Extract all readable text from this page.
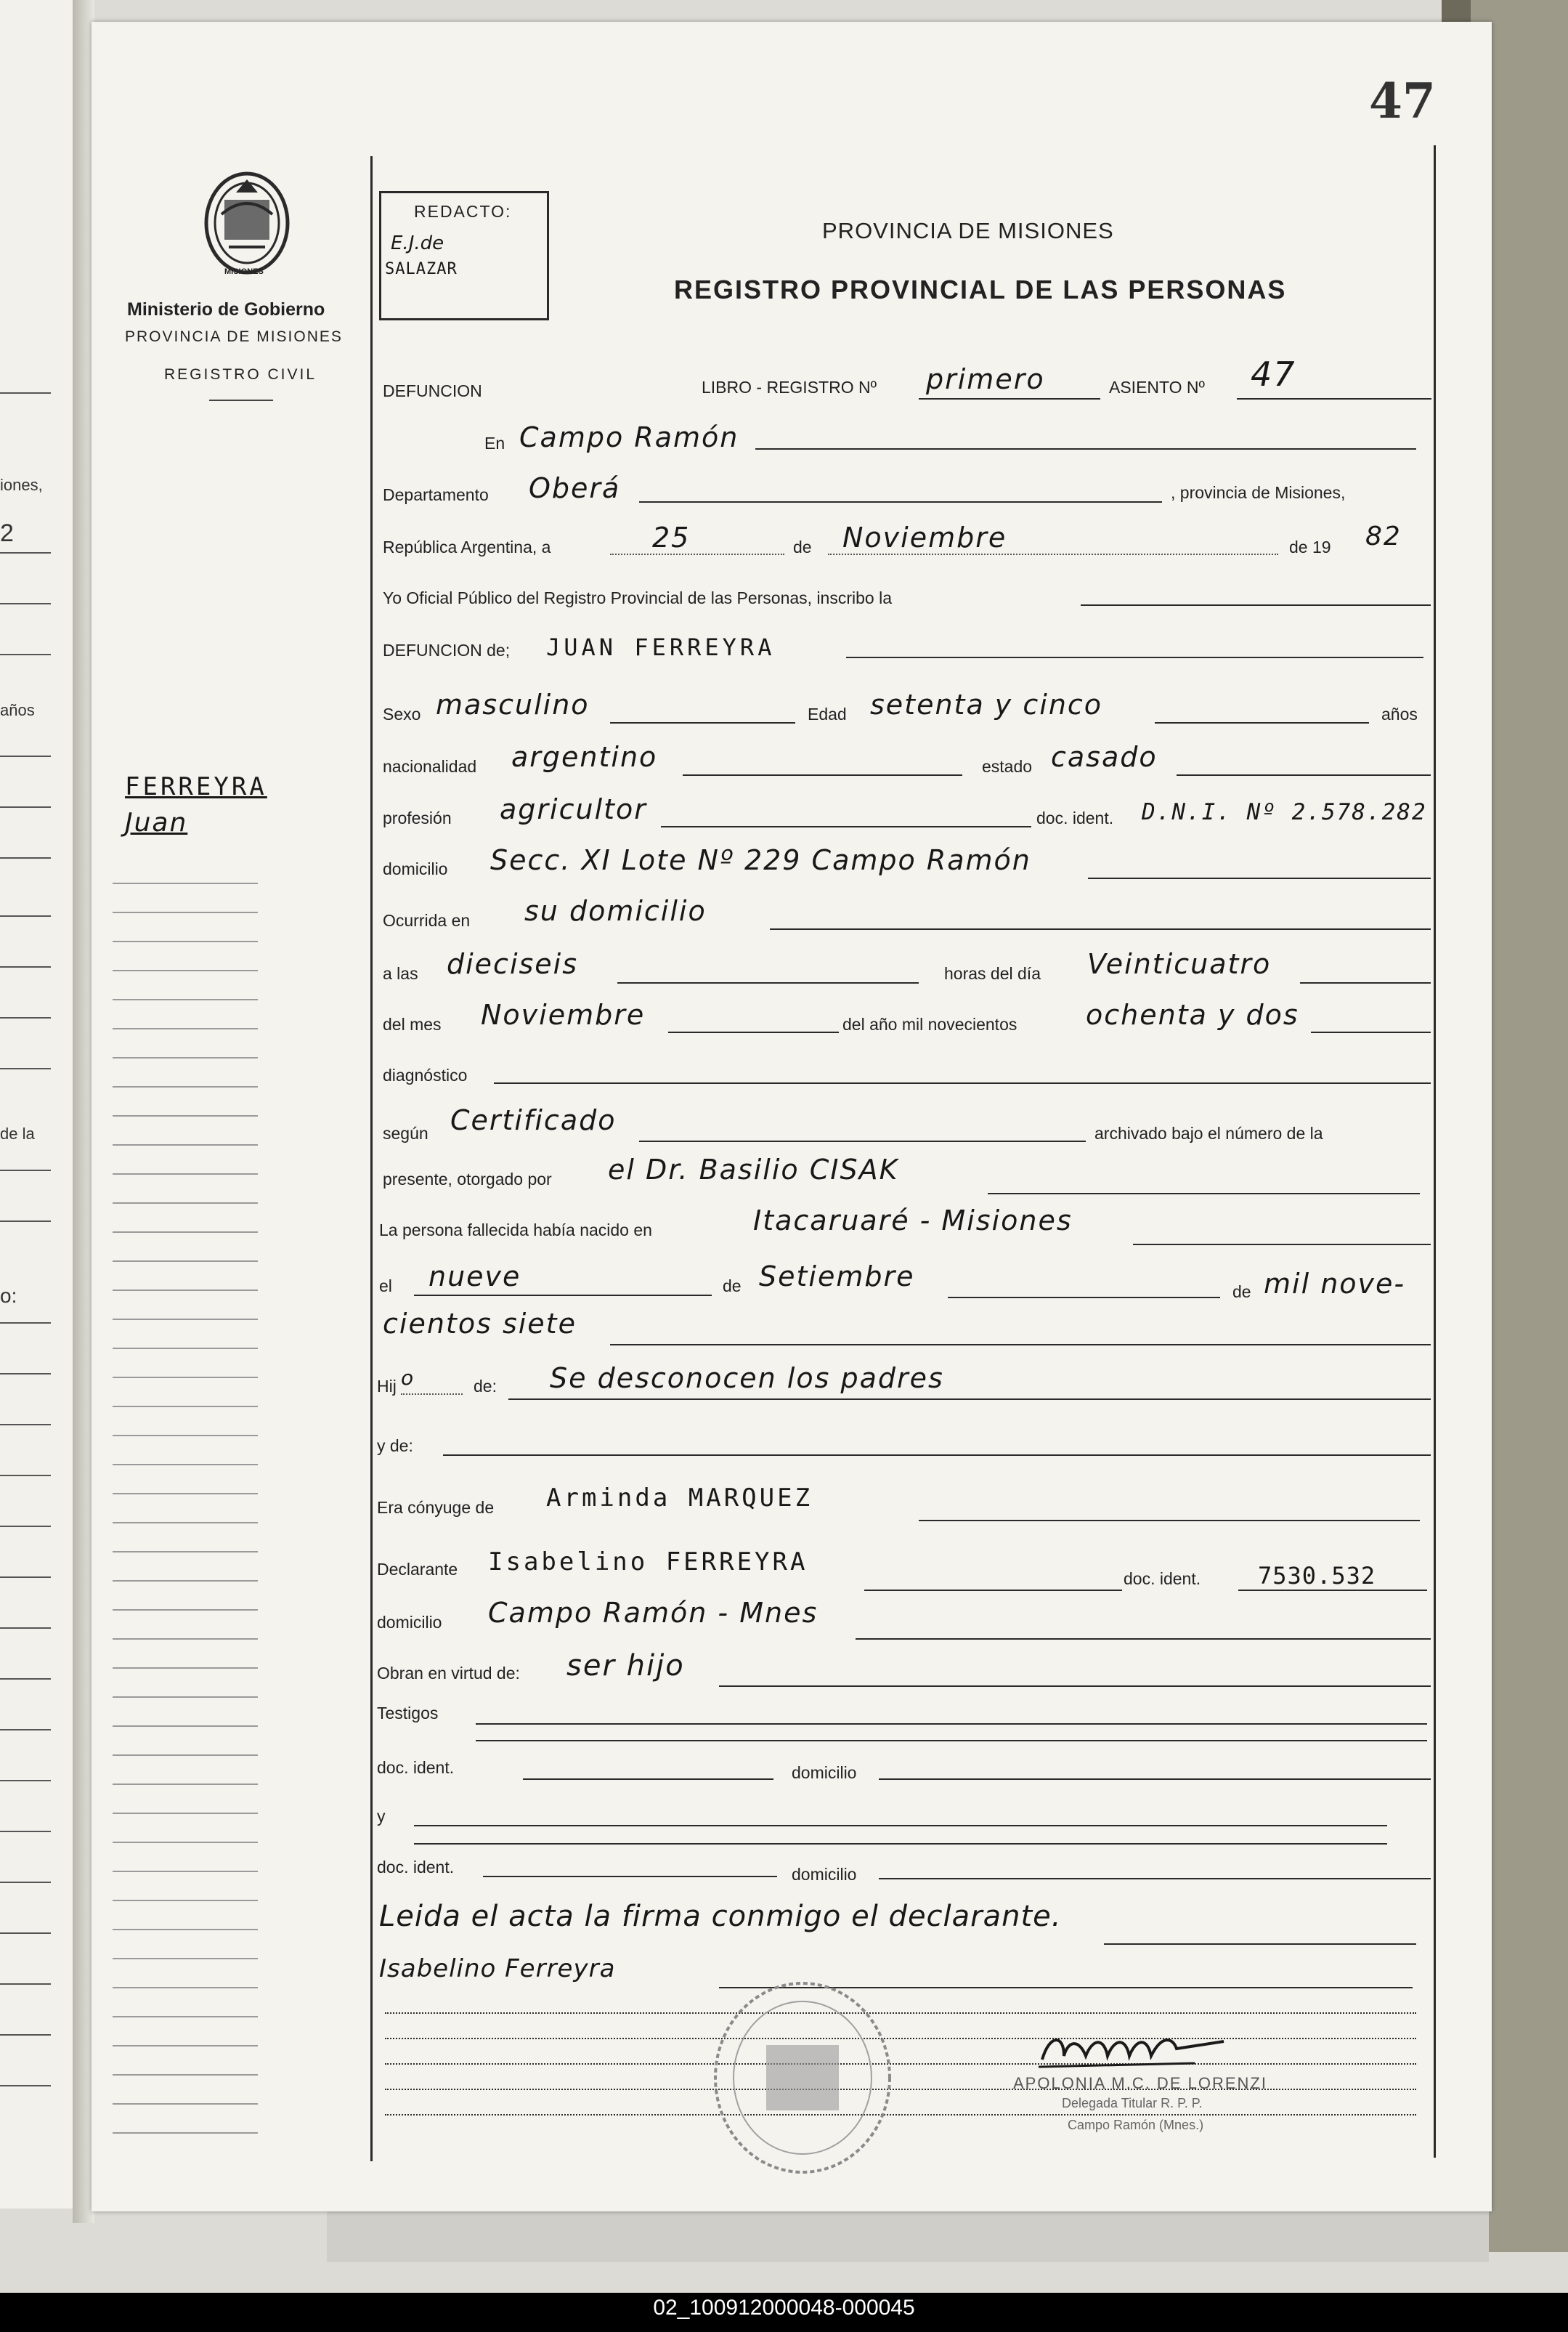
iones,
2
años
de la
o:
47
MISIONES
Ministerio de Gobierno
PROVINCIA DE MISIONES
REGISTRO CIVIL
FERREYRA
Juan
REDACTO:
E.J.de
SALAZAR
PROVINCIA DE MISIONES
REGISTRO PROVINCIAL DE LAS PERSONAS
DEFUNCION	LIBRO - REGISTRO Nº primero	ASIENTO Nº 47
En Campo Ramón
Departamento Oberá	, provincia de Misiones,
República Argentina, a	25	de Noviembre	de 19 82
Yo Oficial Público del Registro Provincial de las Personas, inscribo la
DEFUNCION de; JUAN FERREYRA
Sexo masculino	Edad setenta y cinco	años
nacionalidad argentino	estado casado
profesión agricultor	doc. ident. D.N.I. Nº 2.578.282
domicilio Secc. XI Lote Nº 229 Campo Ramón
Ocurrida en su domicilio
a las dieciseis	horas del día Veinticuatro
del mes Noviembre	del año mil novecientos ochenta y dos
diagnóstico
según Certificado	archivado bajo el número de la
presente, otorgado por el Dr. Basilio CISAK
La persona fallecida había nacido en	Itacaruaré - Misiones
el nueve	de Setiembre	de mil nove-
cientos siete
Hij o	de: Se desconocen los padres
y de:
Era cónyuge de Arminda MARQUEZ
Declarante Isabelino FERREYRA
doc. ident. 7530.532
domicilio Campo Ramón - Mnes
Obran en virtud de: ser hijo
Testigos
doc. ident.	domicilio
y
doc. ident.	domicilio
Leida el acta la firma conmigo el declarante.
Isabelino Ferreyra
APOLONIA M.C. DE LORENZI
Delegada Titular R. P. P.
Campo Ramón (Mnes.)
02_100912000048-000045
